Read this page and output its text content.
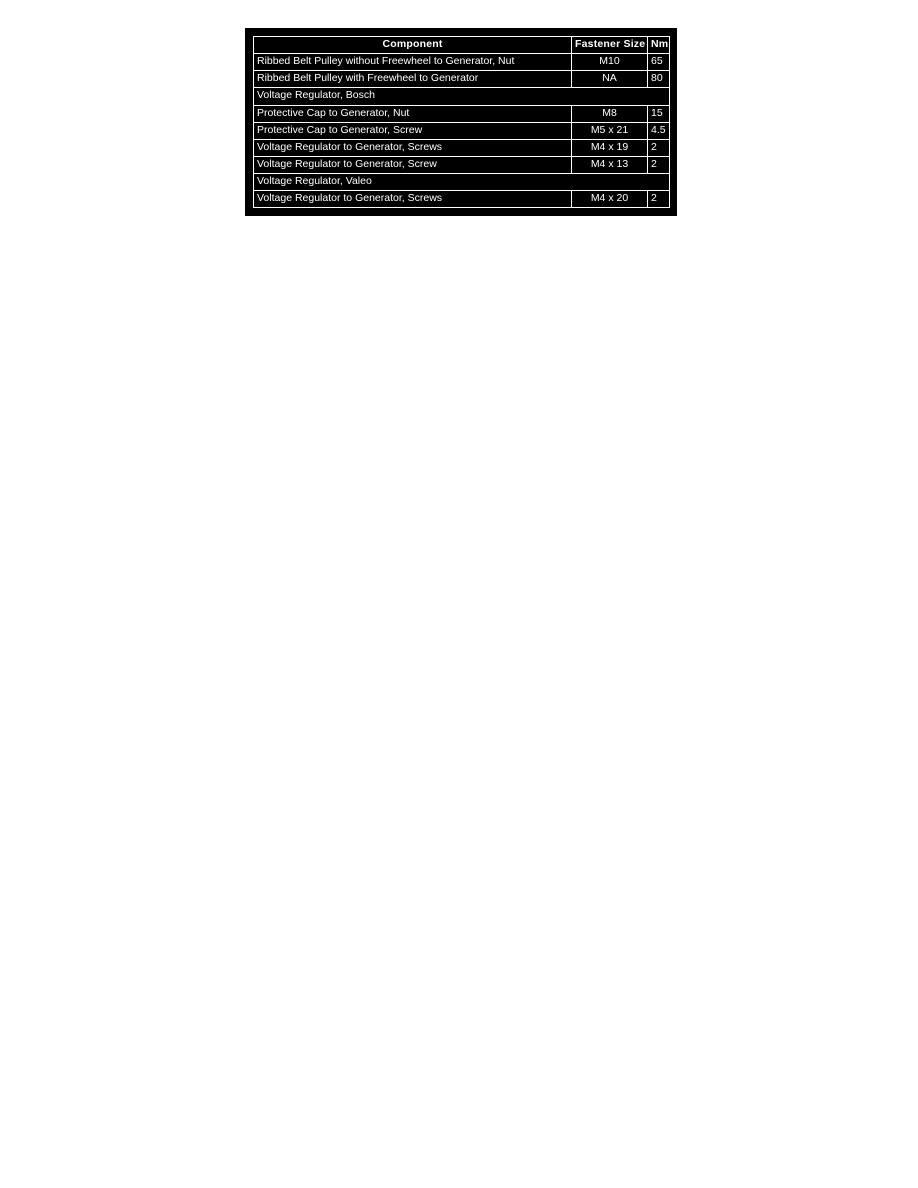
Component	Fastener Size	Nm
Ribbed Belt Pulley without Freewheel to Generator, Nut	M10	65
Ribbed Belt Pulley with Freewheel to Generator	NA	80
Voltage Regulator, Bosch		
Protective Cap to Generator, Nut	M8	15
Protective Cap to Generator, Screw	M5 x 21	4.5
Voltage Regulator to Generator, Screws	M4 x 19	2
Voltage Regulator to Generator, Screw	M4 x 13	2
Voltage Regulator, Valeo		
Voltage Regulator to Generator, Screws	M4 x 20	2
